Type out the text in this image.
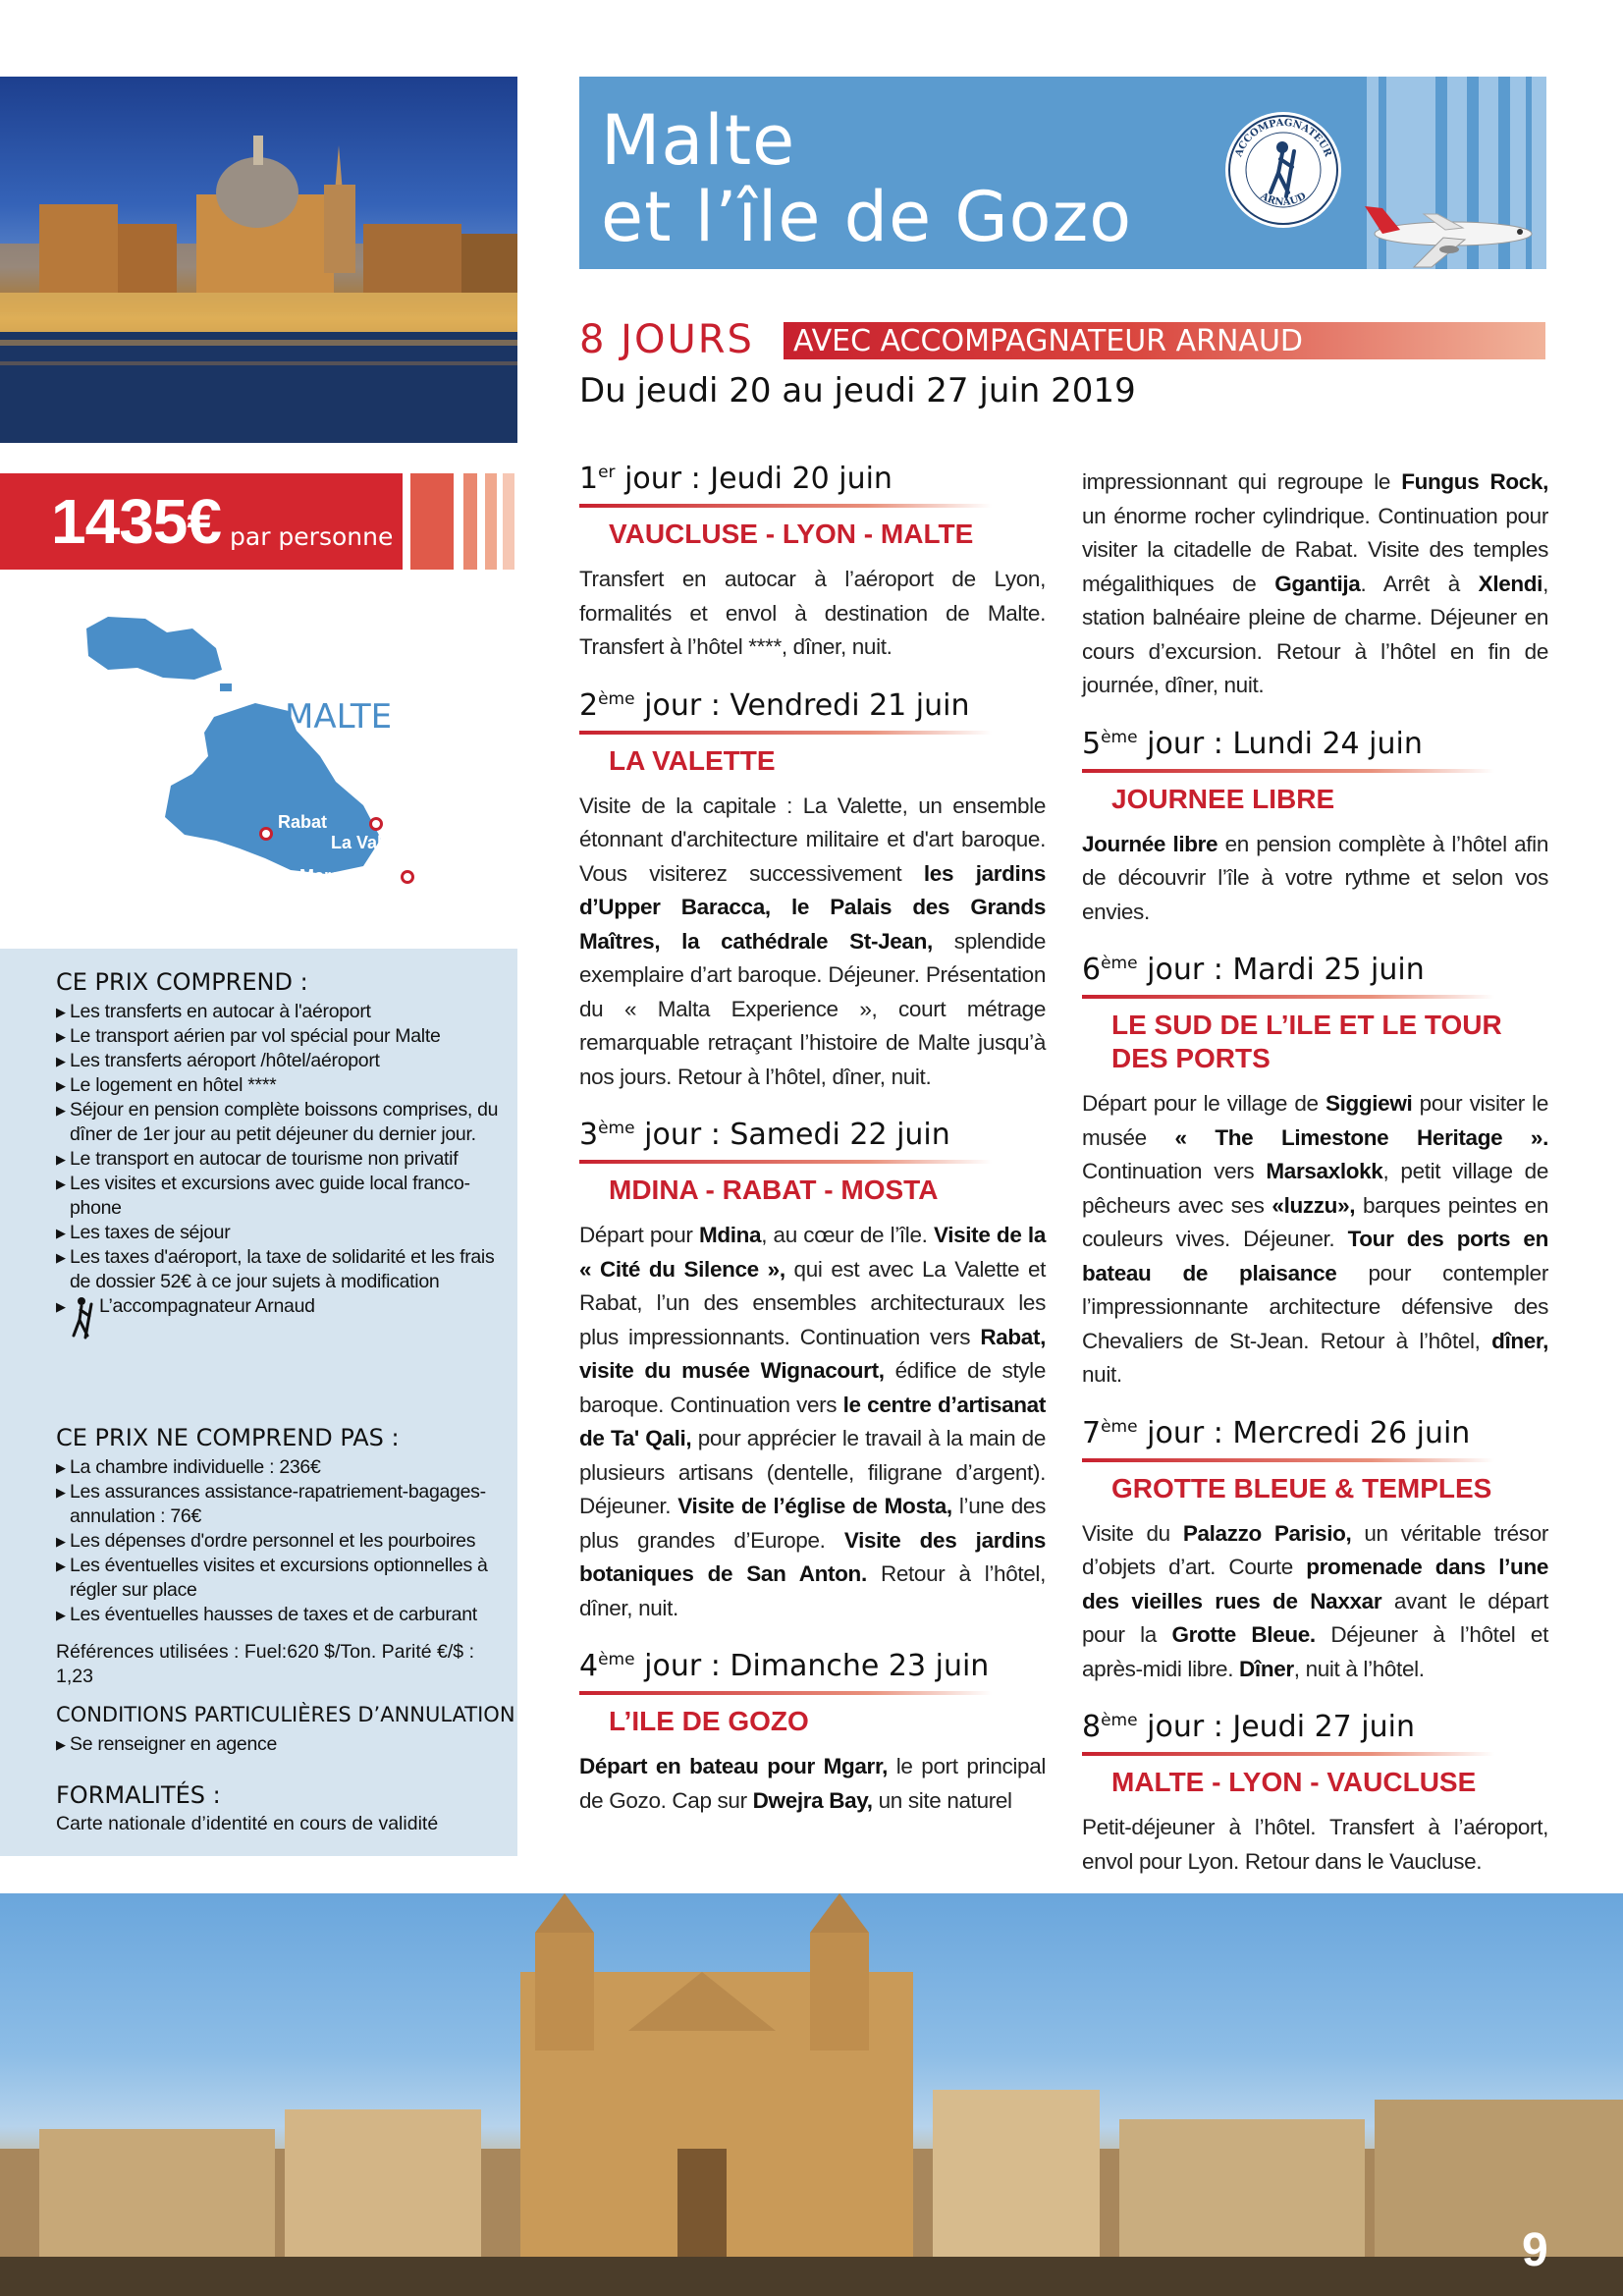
Malte
et l’île de Gozo
ACCOMPAGNATEUR
ARNAUD
8 JOURS AVEC ACCOMPAGNATEUR ARNAUD
Du jeudi 20 au jeudi 27 juin 2019
1435€ par personne
MALTE
Rabat
La Valette
Marsaxlokk
CE PRIX COMPREND :
▶ Les transferts en autocar à l'aéroport
▶ Le transport aérien par vol spécial pour Malte
▶ Les transferts aéroport /hôtel/aéroport
▶ Le logement en hôtel ****
▶ Séjour en pension complète boissons comprises, du dîner de 1er jour au petit déjeuner du dernier jour.
▶ Le transport en autocar de tourisme non privatif
▶ Les visites et excursions avec guide local franco-phone
▶ Les taxes de séjour
▶ Les taxes d'aéroport, la taxe de solidarité et les frais de dossier 52€ à ce jour sujets à modification
▶ L’accompagnateur Arnaud
CE PRIX NE COMPREND PAS :
▶ La chambre individuelle : 236€
▶ Les assurances assistance-rapatriement-bagages-annulation : 76€
▶ Les dépenses d'ordre personnel et les pourboires
▶ Les éventuelles visites et excursions optionnelles à régler sur place
▶ Les éventuelles hausses de taxes et de carburant
Références utilisées : Fuel:620 $/Ton. Parité €/$ : 1,23
CONDITIONS PARTICULIÈRES D’ANNULATION
▶ Se renseigner en agence
FORMALITÉS :
Carte nationale d’identité en cours de validité
1er jour : Jeudi 20 juin
VAUCLUSE - LYON - MALTE
Transfert en autocar à l’aéroport de Lyon, formalités et envol à destination de Malte. Transfert à l’hôtel ****, dîner, nuit.
2ème jour : Vendredi 21 juin
LA VALETTE
Visite de la capitale : La Valette, un ensemble étonnant d'architecture militaire et d'art baroque. Vous visiterez successivement les jardins d’Upper Baracca, le Palais des Grands Maîtres, la cathédrale St-Jean, splendide exemplaire d’art baroque. Déjeuner. Présentation du « Malta Experience », court métrage remarquable retraçant l’histoire de Malte jusqu’à nos jours. Retour à l’hôtel, dîner, nuit.
3ème jour : Samedi 22 juin
MDINA - RABAT - MOSTA
Départ pour Mdina, au cœur de l’île. Visite de la « Cité du Silence », qui est avec La Valette et Rabat, l’un des ensembles architecturaux les plus impressionnants. Continuation vers Rabat, visite du musée Wignacourt, édifice de style baroque. Continuation vers le centre d’artisanat de Ta' Qali, pour apprécier le travail à la main de plusieurs artisans (dentelle, filigrane d’argent). Déjeuner. Visite de l’église de Mosta, l’une des plus grandes d’Europe. Visite des jardins botaniques de San Anton. Retour à l’hôtel, dîner, nuit.
4ème jour : Dimanche 23 juin
L’ILE DE GOZO
Départ en bateau pour Mgarr, le port principal de Gozo. Cap sur Dwejra Bay, un site naturel
impressionnant qui regroupe le Fungus Rock, un énorme rocher cylindrique. Continuation pour visiter la citadelle de Rabat. Visite des temples mégalithiques de Ggantija. Arrêt à Xlendi, station balnéaire pleine de charme. Déjeuner en cours d’excursion. Retour à l’hôtel en fin de journée, dîner, nuit.
5ème jour : Lundi 24 juin
JOURNEE LIBRE
Journée libre en pension complète à l’hôtel afin de découvrir l’île à votre rythme et selon vos envies.
6ème jour : Mardi 25 juin
LE SUD DE L’ILE ET LE TOUR DES PORTS
Départ pour le village de Siggiewi pour visiter le musée « The Limestone Heritage ». Continuation vers Marsaxlokk, petit village de pêcheurs avec ses «luzzu», barques peintes en couleurs vives. Déjeuner. Tour des ports en bateau de plaisance pour contempler l’impressionnante architecture défensive des Chevaliers de St-Jean. Retour à l’hôtel, dîner, nuit.
7ème jour : Mercredi 26 juin
GROTTE BLEUE & TEMPLES
Visite du Palazzo Parisio, un véritable trésor d’objets d’art. Courte promenade dans l’une des vieilles rues de Naxxar avant le départ pour la Grotte Bleue. Déjeuner à l’hôtel et après-midi libre. Dîner, nuit à l’hôtel.
8ème jour : Jeudi 27 juin
MALTE - LYON - VAUCLUSE
Petit-déjeuner à l’hôtel. Transfert à l’aéroport, envol pour Lyon. Retour dans le Vaucluse.
9
